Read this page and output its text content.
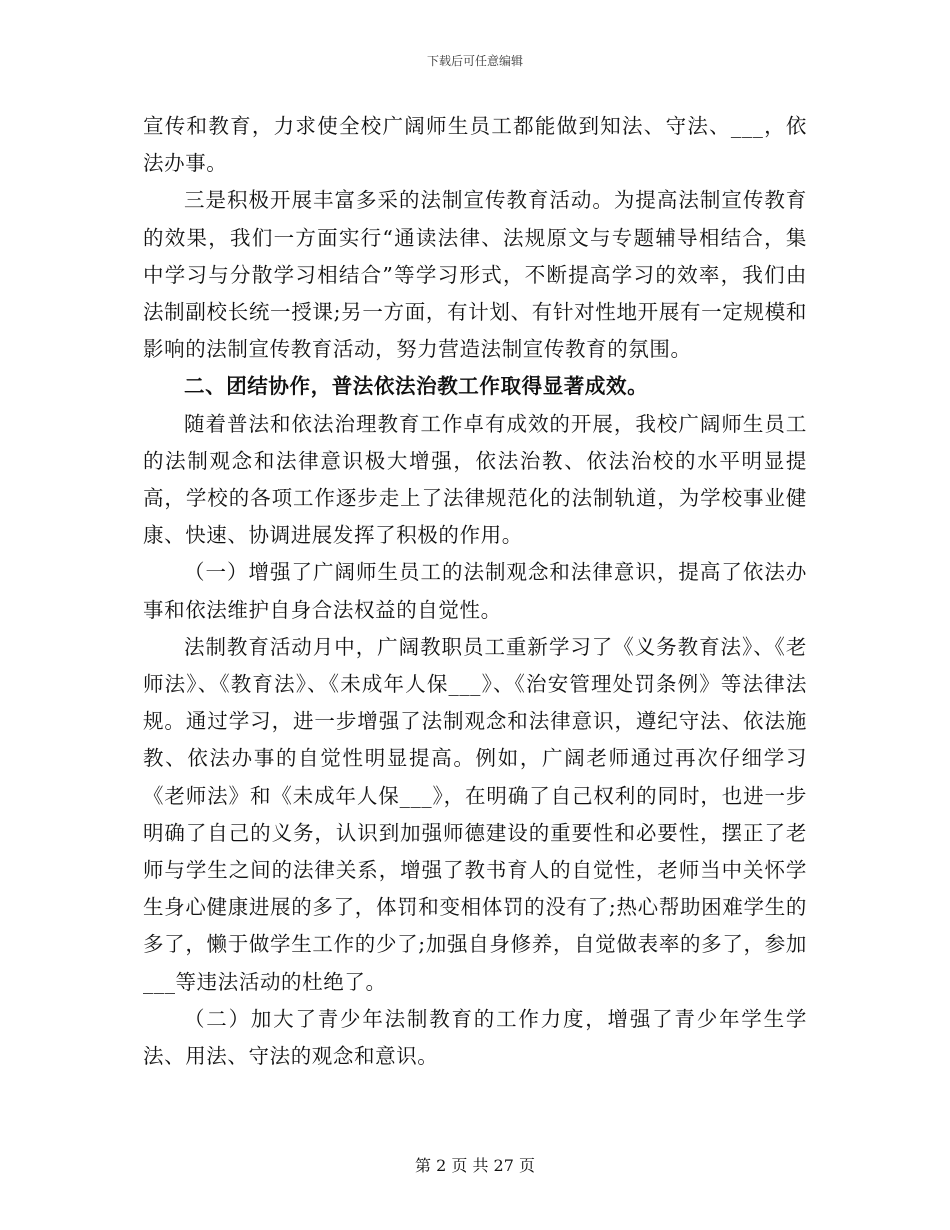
下载后可任意编辑

宣传和教育，力求使全校广阔师生员工都能做到知法、守法、___，依法办事。

三是积极开展丰富多采的法制宣传教育活动。为提高法制宣传教育的效果，我们一方面实行“通读法律、法规原文与专题辅导相结合，集中学习与分散学习相结合”等学习形式，不断提高学习的效率，我们由法制副校长统一授课;另一方面，有计划、有针对性地开展有一定规模和影响的法制宣传教育活动，努力营造法制宣传教育的氛围。

二、团结协作，普法依法治教工作取得显著成效。

随着普法和依法治理教育工作卓有成效的开展，我校广阔师生员工的法制观念和法律意识极大增强，依法治教、依法治校的水平明显提高，学校的各项工作逐步走上了法律规范化的法制轨道，为学校事业健康、快速、协调进展发挥了积极的作用。

（一）增强了广阔师生员工的法制观念和法律意识，提高了依法办事和依法维护自身合法权益的自觉性。

法制教育活动月中，广阔教职员工重新学习了《义务教育法》、《老师法》、《教育法》、《未成年人保___》、《治安管理处罚条例》等法律法规。通过学习，进一步增强了法制观念和法律意识，遵纪守法、依法施教、依法办事的自觉性明显提高。例如，广阔老师通过再次仔细学习《老师法》和《未成年人保___》，在明确了自己权利的同时，也进一步明确了自己的义务，认识到加强师德建设的重要性和必要性，摆正了老师与学生之间的法律关系，增强了教书育人的自觉性，老师当中关怀学生身心健康进展的多了，体罚和变相体罚的没有了;热心帮助困难学生的多了，懒于做学生工作的少了;加强自身修养，自觉做表率的多了，参加___等违法活动的杜绝了。

（二）加大了青少年法制教育的工作力度，增强了青少年学生学法、用法、守法的观念和意识。

第 2 页 共 27 页
